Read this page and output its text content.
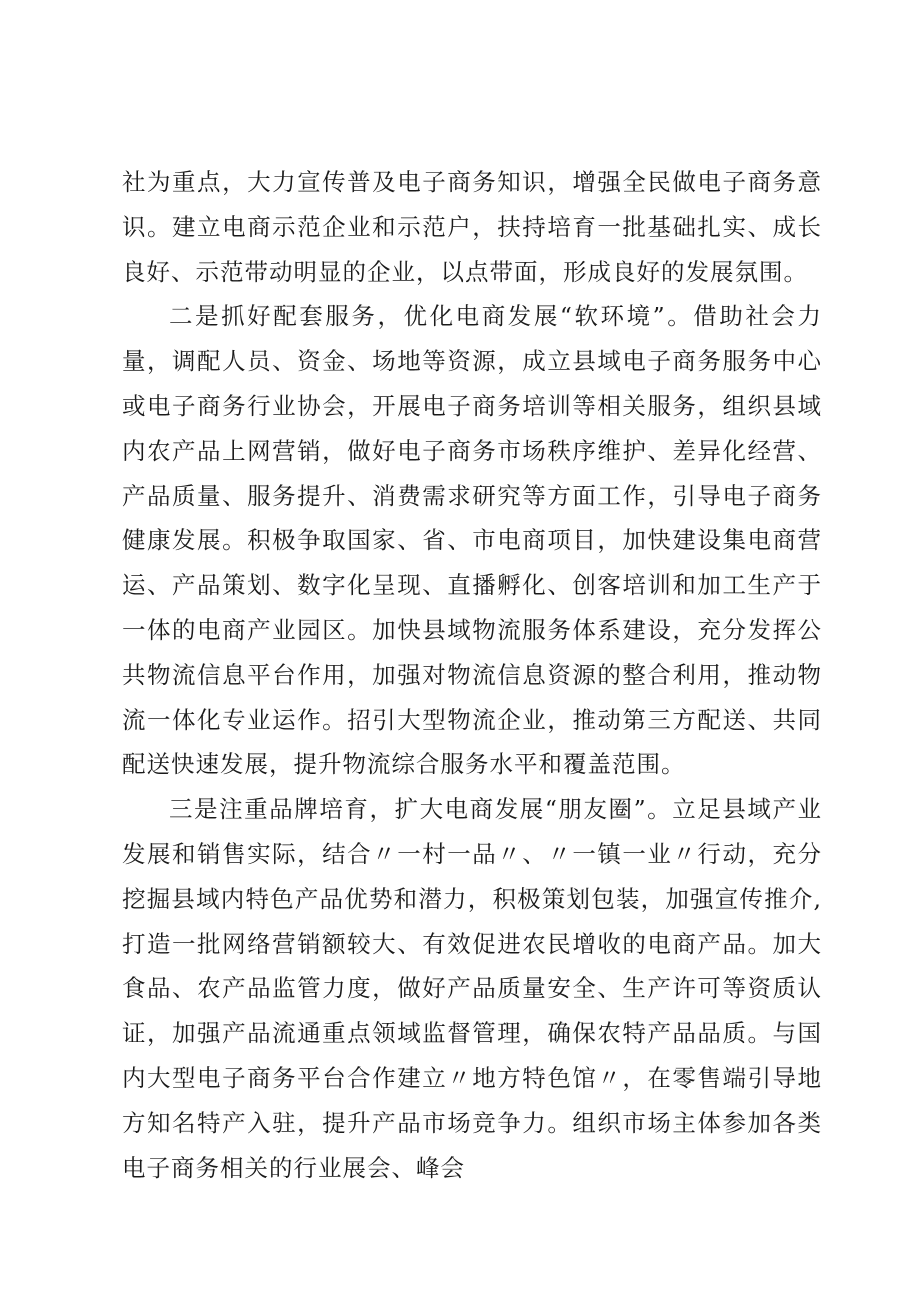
社为重点，大力宣传普及电子商务知识，增强全民做电子商务意识。建立电商示范企业和示范户，扶持培育一批基础扎实、成长良好、示范带动明显的企业，以点带面，形成良好的发展氛围。

二是抓好配套服务，优化电商发展“软环境”。借助社会力量，调配人员、资金、场地等资源，成立县域电子商务服务中心或电子商务行业协会，开展电子商务培训等相关服务，组织县域内农产品上网营销，做好电子商务市场秩序维护、差异化经营、产品质量、服务提升、消费需求研究等方面工作，引导电子商务健康发展。积极争取国家、省、市电商项目，加快建设集电商营运、产品策划、数字化呈现、直播孵化、创客培训和加工生产于一体的电商产业园区。加快县域物流服务体系建设，充分发挥公共物流信息平台作用，加强对物流信息资源的整合利用，推动物流一体化专业运作。招引大型物流企业，推动第三方配送、共同配送快速发展，提升物流综合服务水平和覆盖范围。

三是注重品牌培育，扩大电商发展“朋友圈”。立足县域产业发展和销售实际，结合〃一村一品〃、〃一镇一业〃行动，充分挖掘县域内特色产品优势和潜力，积极策划包装，加强宣传推介,打造一批网络营销额较大、有效促进农民增收的电商产品。加大食品、农产品监管力度，做好产品质量安全、生产许可等资质认证，加强产品流通重点领域监督管理，确保农特产品品质。与国内大型电子商务平台合作建立〃地方特色馆〃，在零售端引导地方知名特产入驻，提升产品市场竞争力。组织市场主体参加各类电子商务相关的行业展会、峰会
